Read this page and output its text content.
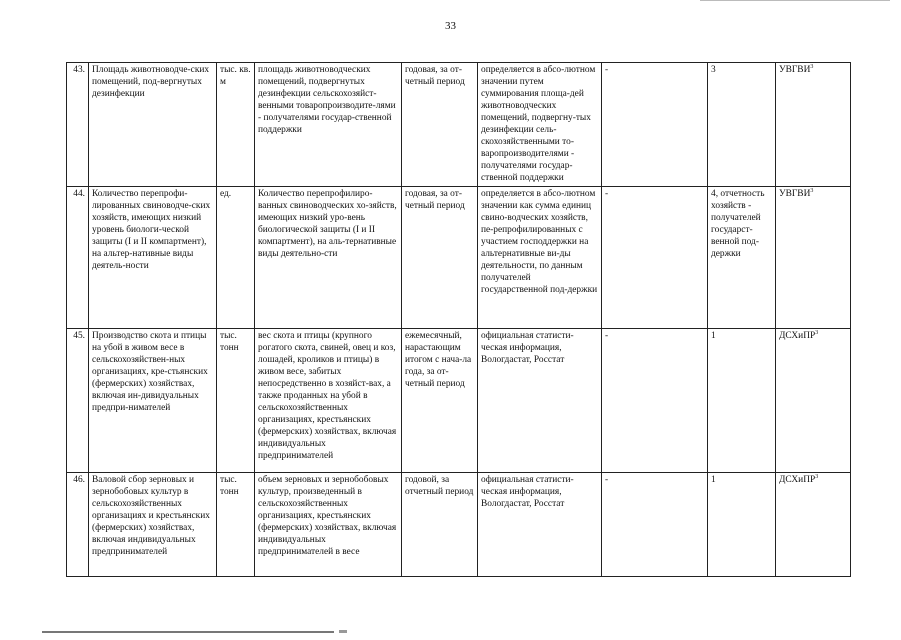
33
43.	Площадь животноводче-ских помещений, под-вергнутых дезинфекции	тыс. кв. м	площадь животноводческих помещений, подвергнутых дезинфекции сельскохозяйст-венными товаропроизводите-лями - получателями государ-ственной поддержки	годовая, за от-четный период	определяется в абсо-лютном значении путем суммирования площа-дей животноводческих помещений, подвергну-тых дезинфекции сель-скохозяйственными то-варопроизводителями - получателями государ-ственной поддержки	-	3	УВГВИ$^3$
44.	Количество перепрофи-лированных свиноводче-ских хозяйств, имеющих низкий уровень биологи-ческой защиты (I и II компартмент), на альтер-нативные виды деятель-ности	ед.	Количество перепрофилиро-ванных свиноводческих хо-зяйств, имеющих низкий уро-вень биологической защиты (I и II компартмент), на аль-тернативные виды деятельно-сти	годовая, за от-четный период	определяется в абсо-лютном значении как сумма единиц свино-водческих хозяйств, пе-репрофилированных с участием господдержки на альтернативные ви-ды деятельности, по данным получателей государственной под-держки	-	4, отчетность хозяйств - получателей государст-венной под-держки	УВГВИ$^3$
45.	Производство скота и птицы на убой в живом весе в сельскохозяйствен-ных организациях, кре-стьянских (фермерских) хозяйствах, включая ин-дивидуальных предпри-нимателей	тыс. тонн	вес скота и птицы (крупного рогатого скота, свиней, овец и коз, лошадей, кроликов и птицы) в живом весе, забитых непосредственно в хозяйст-вах, а также проданных на убой в сельскохозяйственных организациях, крестьянских (фермерских) хозяйствах, включая индивидуальных предпринимателей	ежемесячный, нарастающим итогом с нача-ла года, за от-четный период	официальная статисти-ческая информация, Вологдастат, Росстат	-	1	ДСХиПР$^3$
46.	Валовой сбор зерновых и зернобобовых культур в сельскохозяйственных организациях и крестьянских (фермерских) хозяйствах, включая индивидуальных предпринимателей	тыс. тонн	объем зерновых и зернобобовых культур, произведенный в сельскохозяйственных организациях, крестьянских (фермерских) хозяйствах, включая индивидуальных предпринимателей в весе	годовой, за отчетный период	официальная статисти-ческая информация, Вологдастат, Росстат	-	1	ДСХиПР$^3$
